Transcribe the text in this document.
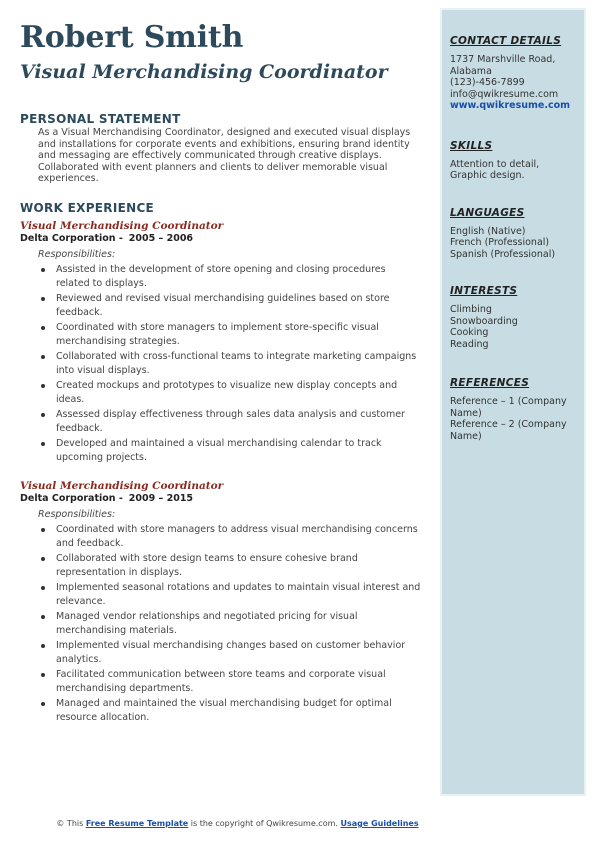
Robert Smith
Visual Merchandising Coordinator
PERSONAL STATEMENT

As a Visual Merchandising Coordinator, designed and executed visual displays and installations for corporate events and exhibitions, ensuring brand identity and messaging are effectively communicated through creative displays. Collaborated with event planners and clients to deliver memorable visual experiences.

WORK EXPERIENCE

Visual Merchandising Coordinator

Delta Corporation - 2005 – 2006

Responsibilities:

Assisted in the development of store opening and closing procedures related to displays.
Reviewed and revised visual merchandising guidelines based on store feedback.
Coordinated with store managers to implement store-specific visual merchandising strategies.
Collaborated with cross-functional teams to integrate marketing campaigns into visual displays.
Created mockups and prototypes to visualize new display concepts and ideas.
Assessed display effectiveness through sales data analysis and customer feedback.
Developed and maintained a visual merchandising calendar to track upcoming projects.

Visual Merchandising Coordinator

Delta Corporation - 2009 – 2015

Responsibilities:

Coordinated with store managers to address visual merchandising concerns and feedback.
Collaborated with store design teams to ensure cohesive brand representation in displays.
Implemented seasonal rotations and updates to maintain visual interest and relevance.
Managed vendor relationships and negotiated pricing for visual merchandising materials.
Implemented visual merchandising changes based on customer behavior analytics.
Facilitated communication between store teams and corporate visual merchandising departments.
Managed and maintained the visual merchandising budget for optimal resource allocation.

CONTACT DETAILS

1737 Marshville Road,

Alabama

(123)-456-7899

info@qwikresume.com

www.qwikresume.com

SKILLS

Attention to detail,

Graphic design.

LANGUAGES

English (Native)

French (Professional)

Spanish (Professional)

INTERESTS

Climbing

Snowboarding

Cooking

Reading

REFERENCES

Reference – 1 (Company Name)

Reference – 2 (Company Name)

© This Free Resume Template is the copyright of Qwikresume.com. Usage Guidelines
